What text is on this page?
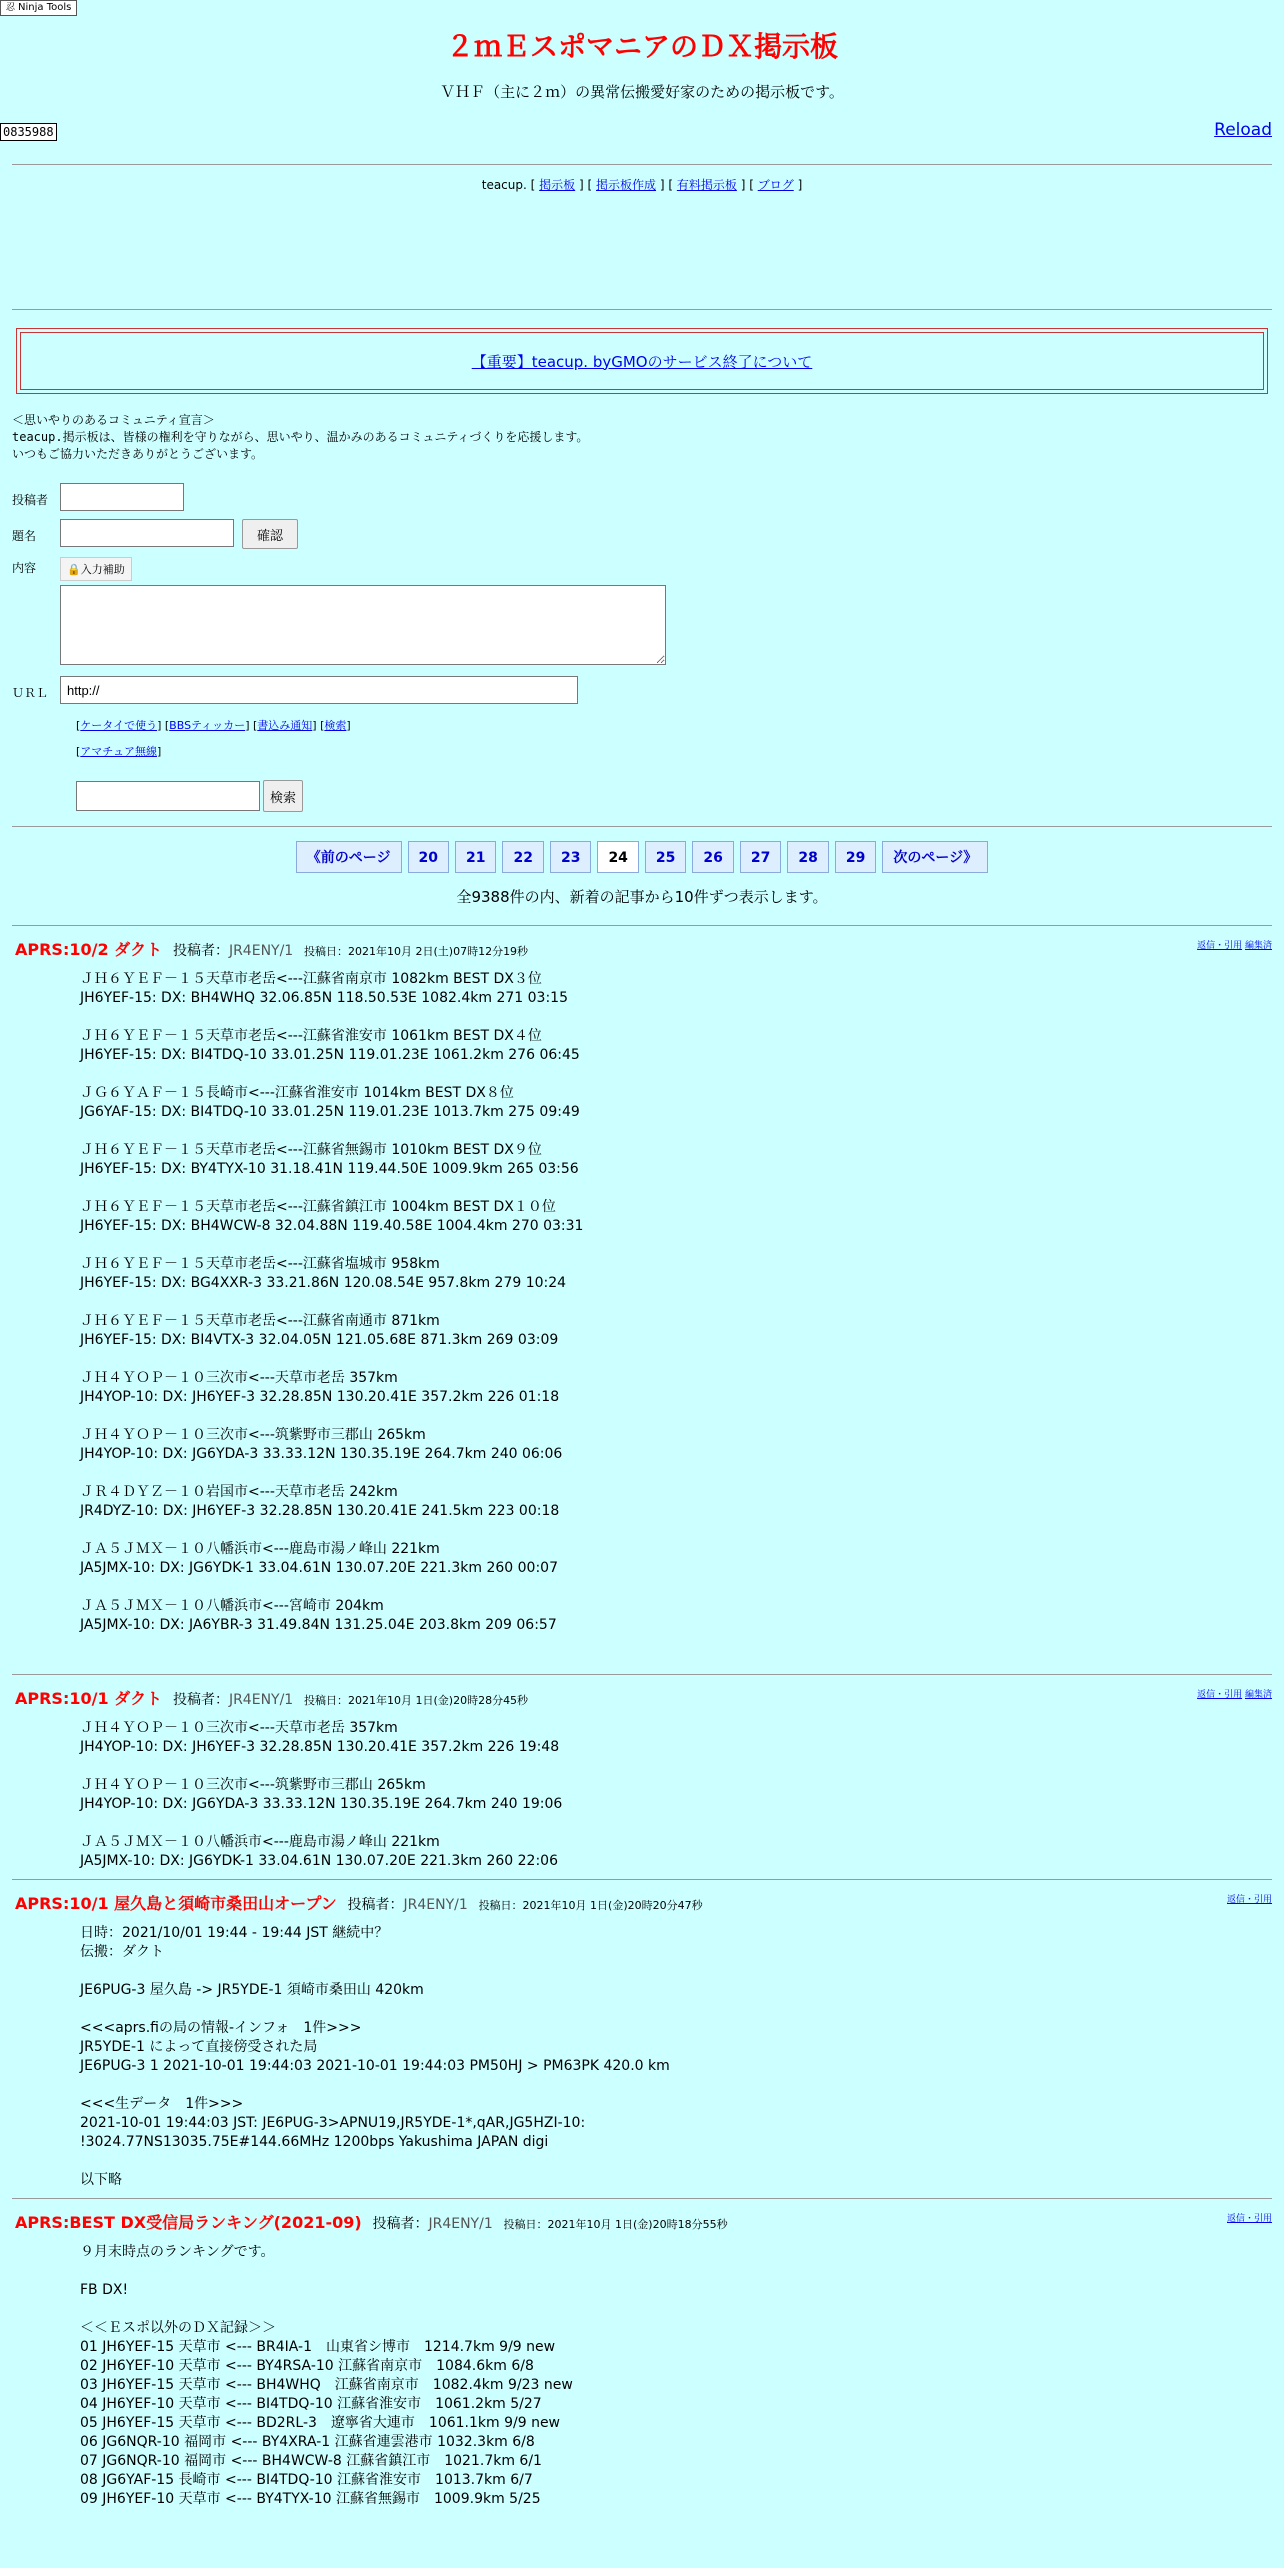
忍 Ninja Tools
２ｍＥスポマニアのＤＸ掲示板
ＶＨＦ（主に２ｍ）の異常伝搬愛好家のための掲示板です。
0835988	Reload
teacup. [ 掲示板 ] [ 掲示板作成 ] [ 有料掲示板 ] [ ブログ ]
【重要】teacup. byGMOのサービス終了について
＜思いやりのあるコミュニティ宣言＞
teacup.掲示板は、皆様の権利を守りながら、思いやり、温かみのあるコミュニティづくりを応援します。
いつもご協力いただきありがとうございます。
投稿者
題名	確認
内容	🔒入力補助
ＵＲＬ
http://
[ケータイで使う] [BBSティッカー] [書込み通知] [検索]
[アマチュア無線]
検索
《前のページ	20	21	22	23	24	25	26	27	28	29	次のページ》
全9388件の内、新着の記事から10件ずつ表示します。
APRS:10/2 ダクト 投稿者：JR4ENY/1 投稿日：2021年10月 2日(土)07時12分19秒	返信・引用 編集済
ＪＨ６ＹＥＦ－１５天草市老岳<---江蘇省南京市 1082km BEST DX３位
JH6YEF-15: DX: BH4WHQ 32.06.85N 118.50.53E 1082.4km 271 03:15

ＪＨ６ＹＥＦ－１５天草市老岳<---江蘇省淮安市 1061km BEST DX４位
JH6YEF-15: DX: BI4TDQ-10 33.01.25N 119.01.23E 1061.2km 276 06:45

ＪＧ６ＹＡＦ－１５長崎市<---江蘇省淮安市 1014km BEST DX８位
JG6YAF-15: DX: BI4TDQ-10 33.01.25N 119.01.23E 1013.7km 275 09:49

ＪＨ６ＹＥＦ－１５天草市老岳<---江蘇省無錫市 1010km BEST DX９位
JH6YEF-15: DX: BY4TYX-10 31.18.41N 119.44.50E 1009.9km 265 03:56

ＪＨ６ＹＥＦ－１５天草市老岳<---江蘇省鎮江市 1004km BEST DX１０位
JH6YEF-15: DX: BH4WCW-8 32.04.88N 119.40.58E 1004.4km 270 03:31

ＪＨ６ＹＥＦ－１５天草市老岳<---江蘇省塩城市 958km
JH6YEF-15: DX: BG4XXR-3 33.21.86N 120.08.54E 957.8km 279 10:24

ＪＨ６ＹＥＦ－１５天草市老岳<---江蘇省南通市 871km
JH6YEF-15: DX: BI4VTX-3 32.04.05N 121.05.68E 871.3km 269 03:09

ＪＨ４ＹＯＰ－１０三次市<---天草市老岳 357km
JH4YOP-10: DX: JH6YEF-3 32.28.85N 130.20.41E 357.2km 226 01:18

ＪＨ４ＹＯＰ－１０三次市<---筑紫野市三郡山 265km
JH4YOP-10: DX: JG6YDA-3 33.33.12N 130.35.19E 264.7km 240 06:06

ＪＲ４ＤＹＺ－１０岩国市<---天草市老岳 242km
JR4DYZ-10: DX: JH6YEF-3 32.28.85N 130.20.41E 241.5km 223 00:18

ＪＡ５ＪＭＸ－１０八幡浜市<---鹿島市湯ノ峰山 221km
JA5JMX-10: DX: JG6YDK-1 33.04.61N 130.07.20E 221.3km 260 00:07

ＪＡ５ＪＭＸ－１０八幡浜市<---宮崎市 204km
JA5JMX-10: DX: JA6YBR-3 31.49.84N 131.25.04E 203.8km 209 06:57

APRS:10/1 ダクト 投稿者：JR4ENY/1 投稿日：2021年10月 1日(金)20時28分45秒	返信・引用 編集済
ＪＨ４ＹＯＰ－１０三次市<---天草市老岳 357km
JH4YOP-10: DX: JH6YEF-3 32.28.85N 130.20.41E 357.2km 226 19:48

ＪＨ４ＹＯＰ－１０三次市<---筑紫野市三郡山 265km
JH4YOP-10: DX: JG6YDA-3 33.33.12N 130.35.19E 264.7km 240 19:06

ＪＡ５ＪＭＸ－１０八幡浜市<---鹿島市湯ノ峰山 221km
JA5JMX-10: DX: JG6YDK-1 33.04.61N 130.07.20E 221.3km 260 22:06
APRS:10/1 屋久島と須崎市桑田山オープン 投稿者：JR4ENY/1 投稿日：2021年10月 1日(金)20時20分47秒	返信・引用
日時：2021/10/01 19:44 - 19:44 JST 継続中？
伝搬：ダクト

JE6PUG-3 屋久島 -> JR5YDE-1 須崎市桑田山 420km

<<<aprs.fiの局の情報-インフォ　1件>>>
JR5YDE-1 によって直接傍受された局
JE6PUG-3 1 2021-10-01 19:44:03 2021-10-01 19:44:03 PM50HJ > PM63PK 420.0 km

<<<生データ　1件>>>
2021-10-01 19:44:03 JST: JE6PUG-3>APNU19,JR5YDE-1*,qAR,JG5HZI-10:
!3024.77NS13035.75E#144.66MHz 1200bps Yakushima JAPAN digi

以下略
APRS:BEST DX受信局ランキング(2021-09) 投稿者：JR4ENY/1 投稿日：2021年10月 1日(金)20時18分55秒	返信・引用
９月末時点のランキングです。

FB DX!

＜＜Ｅスポ以外のＤＸ記録＞＞
01 JH6YEF-15 天草市 <--- BR4IA-1　山東省シ博市　1214.7km 9/9 new
02 JH6YEF-10 天草市 <--- BY4RSA-10 江蘇省南京市　1084.6km 6/8
03 JH6YEF-15 天草市 <--- BH4WHQ　江蘇省南京市　1082.4km 9/23 new
04 JH6YEF-10 天草市 <--- BI4TDQ-10 江蘇省淮安市　1061.2km 5/27
05 JH6YEF-15 天草市 <--- BD2RL-3　遼寧省大連市　1061.1km 9/9 new
06 JG6NQR-10 福岡市 <--- BY4XRA-1 江蘇省連雲港市 1032.3km 6/8
07 JG6NQR-10 福岡市 <--- BH4WCW-8 江蘇省鎮江市　1021.7km 6/1
08 JG6YAF-15 長崎市 <--- BI4TDQ-10 江蘇省淮安市　1013.7km 6/7
09 JH6YEF-10 天草市 <--- BY4TYX-10 江蘇省無錫市　1009.9km 5/25
